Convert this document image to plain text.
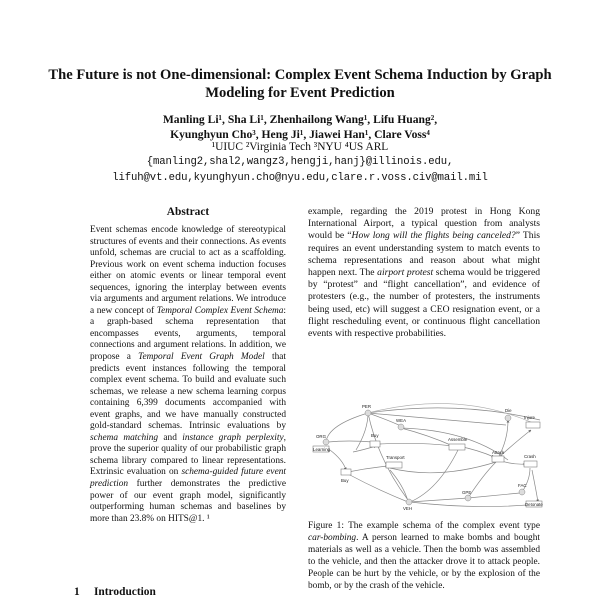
The Future is not One-dimensional: Complex Event Schema Induction by Graph Modeling for Event Prediction
Manling Li¹, Sha Li¹, Zhenhailong Wang¹, Lifu Huang²,
Kyunghyun Cho³, Heng Ji¹, Jiawei Han¹, Clare Voss⁴
¹UIUC ²Virginia Tech ³NYU ⁴US ARL
{manling2,shal2,wangz3,hengji,hanj}@illinois.edu,
lifuh@vt.edu,kyunghyun.cho@nyu.edu,clare.r.voss.civ@mail.mil
Abstract
Event schemas encode knowledge of stereotypical structures of events and their connections. As events unfold, schemas are crucial to act as a scaffolding. Previous work on event schema induction focuses either on atomic events or linear temporal event sequences, ignoring the interplay between events via arguments and argument relations. We introduce a new concept of Temporal Complex Event Schema: a graph-based schema representation that encompasses events, arguments, temporal connections and argument relations. In addition, we propose a Temporal Event Graph Model that predicts event instances following the temporal complex event schema. To build and evaluate such schemas, we release a new schema learning corpus containing 6,399 documents accompanied with event graphs, and we have manually constructed gold-standard schemas. Intrinsic evaluations by schema matching and instance graph perplexity, prove the superior quality of our probabilistic graph schema library compared to linear representations. Extrinsic evaluation on schema-guided future event prediction further demonstrates the predictive power of our event graph model, significantly outperforming human schemas and baselines by more than 23.8% on HITS@1. ¹
1 Introduction
example, regarding the 2019 protest in Hong Kong International Airport, a typical question from analysts would be “How long will the flights being canceled?” This requires an event understanding system to match events to schema representations and reason about what might happen next. The airport protest schema would be triggered by “protest” and “flight cancellation”, and evidence of protesters (e.g., the number of protesters, the instruments being used, etc) will suggest a CEO resignation event, or a flight rescheduling event, or continuous flight cancellation events with respective probabilities.
PER
ORG
WEA
Buy
Learning
Transport
Assemble
Die
Injure
Attack
Crash
Buy
VEH
GPE
FAC
Detonate
Figure 1: The example schema of the complex event type car-bombing. A person learned to make bombs and bought materials as well as a vehicle. Then the bomb was assembled to the vehicle, and then the attacker drove it to attack people. People can be hurt by the vehicle, or by the explosion of the bomb, or by the crash of the vehicle.
